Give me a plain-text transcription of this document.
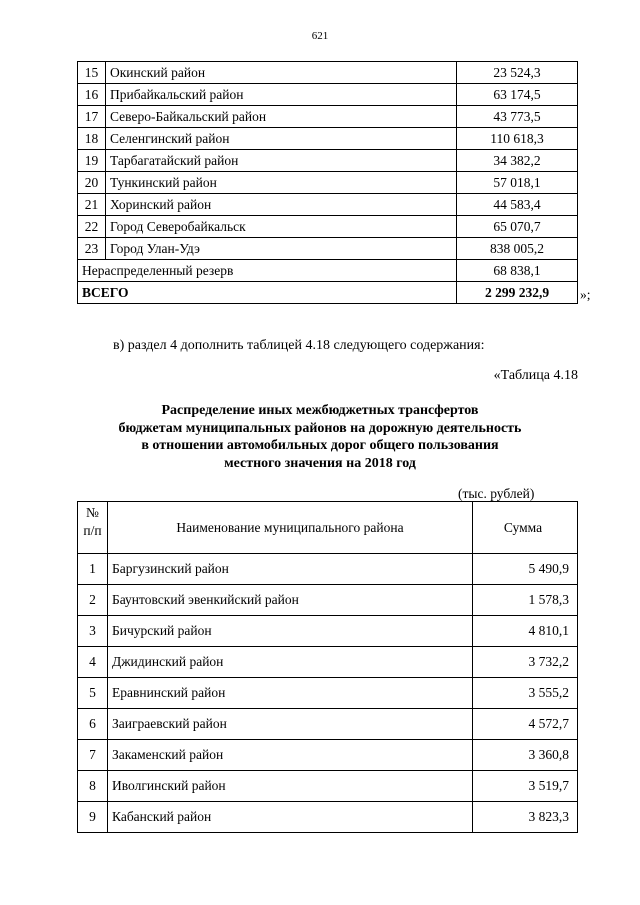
621
15	Окинский район	23 524,3
16	Прибайкальский район	63 174,5
17	Северо-Байкальский район	43 773,5
18	Селенгинский район	110 618,3
19	Тарбагатайский район	34 382,2
20	Тункинский район	57 018,1
21	Хоринский район	44 583,4
22	Город Северобайкальск	65 070,7
23	Город Улан-Удэ	838 005,2
Нераспределенный резерв		68 838,1
ВСЕГО		2 299 232,9 »;
в) раздел 4 дополнить таблицей 4.18 следующего содержания:
«Таблица 4.18
Распределение иных межбюджетных трансфертов
бюджетам муниципальных районов на дорожную деятельность
в отношении автомобильных дорог общего пользования
местного значения на 2018 год
(тыс. рублей)
№
п/п	Наименование муниципального района	Сумма
1	Баргузинский район	5 490,9
2	Баунтовский эвенкийский район	1 578,3
3	Бичурский район	4 810,1
4	Джидинский район	3 732,2
5	Еравнинский район	3 555,2
6	Заиграевский район	4 572,7
7	Закаменский район	3 360,8
8	Иволгинский район	3 519,7
9	Кабанский район	3 823,3
